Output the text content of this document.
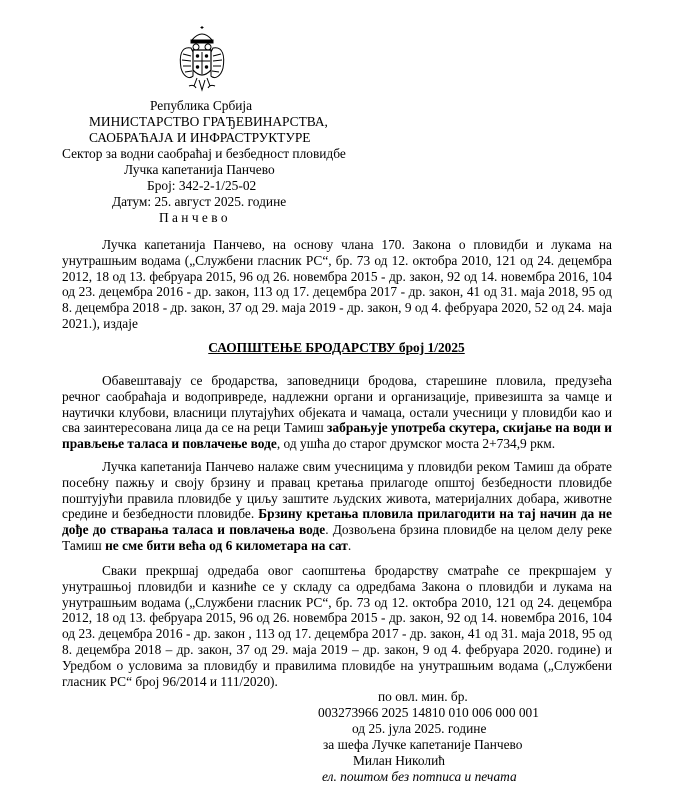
Република Србија
МИНИСТАРСТВО ГРАЂЕВИНАРСТВА,
САОБРАЋАЈА И ИНФРАСТРУКТУРЕ
Сектор за водни саобраћај и безбедност пловидбе
Лучка капетанија Панчево
Број: 342-2-1/25-02
Датум: 25. август 2025. године
П а н ч е в о
Лучка капетанија Панчево, на основу члана 170. Закона о пловидби и лукама на унутрашњим водама („Службени гласник РС“, бр. 73 од 12. октобра 2010, 121 од 24. децембра 2012, 18 од 13. фебруара 2015, 96 од 26. новембра 2015 - др. закон, 92 од 14. новембра 2016, 104 од 23. децембра 2016 - др. закон, 113 од 17. децембра 2017 - др. закон, 41 од 31. маја 2018, 95 од 8. децембра 2018 - др. закон, 37 од 29. маја 2019 - др. закон, 9 од 4. фебруара 2020, 52 од 24. маја 2021.), издаје
САОПШТЕЊЕ БРОДАРСТВУ број 1/2025
Обавештавају се бродарства, заповедници бродова, старешине пловила, предузећа речног саобраћаја и водопривреде, надлежни органи и организације, привезишта за чамце и наутички клубови, власници плутајућих објеката и чамаца, остали учесници у пловидби као и сва заинтересована лица да се на реци Тамиш забрањује употреба скутера, скијање на води и прављење таласа и повлачење воде, од ушћа до старог друмског моста 2+734,9 ркм.
Лучка капетанија Панчево налаже свим учесницима у пловидби реком Тамиш да обрате посебну пажњу и своју брзину и правац кретања прилагоде општој безбедности пловидбе поштујући правила пловидбе у циљу заштите људских живота, материјалних добара, животне средине и безбедности пловидбе. Брзину кретања пловила прилагодити на тај начин да не дође до стварања таласа и повлачења воде. Дозвољена брзина пловидбе на целом делу реке Тамиш не сме бити већа од 6 километара на сат.
Сваки прекршај одредаба овог саопштења бродарству сматраће се прекршајем у унутрашњој пловидби и казниће се у складу са одредбама Закона о пловидби и лукама на унутрашњим водама („Службени гласник РС“, бр. 73 од 12. октобра 2010, 121 од 24. децембра 2012, 18 од 13. фебруара 2015, 96 од 26. новембра 2015 - др. закон, 92 од 14. новембра 2016, 104 од 23. децембра 2016 - др. закон , 113 од 17. децембра 2017 - др. закон, 41 од 31. маја 2018, 95 од 8. децембра 2018 – др. закон, 37 од 29. маја 2019 – др. закон, 9 од 4. фебруара 2020. године) и Уредбом о условима за пловидбу и правилима пловидбе на унутрашњим водама („Службени гласник РС“ број 96/2014 и 111/2020).
по овл. мин. бр.
003273966 2025 14810 010 006 000 001
од 25. јула 2025. године
за шефа Лучке капетаније Панчево
Милан Николић
ел. поштом без потписа и печата
